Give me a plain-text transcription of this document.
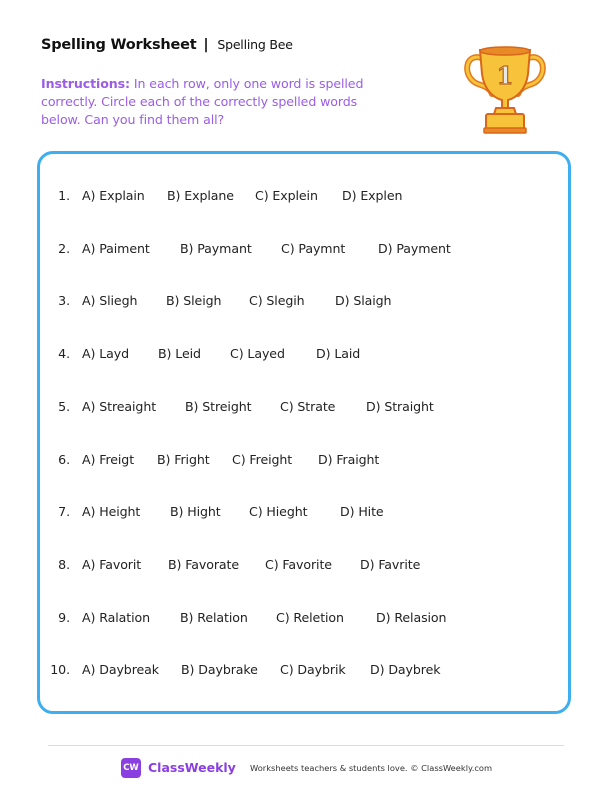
Spelling Worksheet | Spelling Bee
Instructions: In each row, only one word is spelled correctly. Circle each of the correctly spelled words below. Can you find them all?
1
1. A) Explain B) Explane C) Explein D) Explen
2. A) Paiment B) Paymant C) Paymnt	D) Payment
3. A) Sliegh B) Sleigh C) Slegih D) Slaigh
4. A) Layd B) Leid C) Layed D) Laid
5. A) Streaight B) Streight C) Strate D) Straight
6. A) Freigt B) Fright C) Freight D) Fraight
7. A) Height B) Hight C) Hieght	D) Hite
8. A) Favorit B) Favorate C) Favorite D) Favrite
9. A) Ralation B) Relation C) Reletion	D) Relasion
10. A) Daybreak B) Daybrake C) Daybrik D) Daybrek
CW ClassWeekly Worksheets teachers & students love. © ClassWeekly.com
